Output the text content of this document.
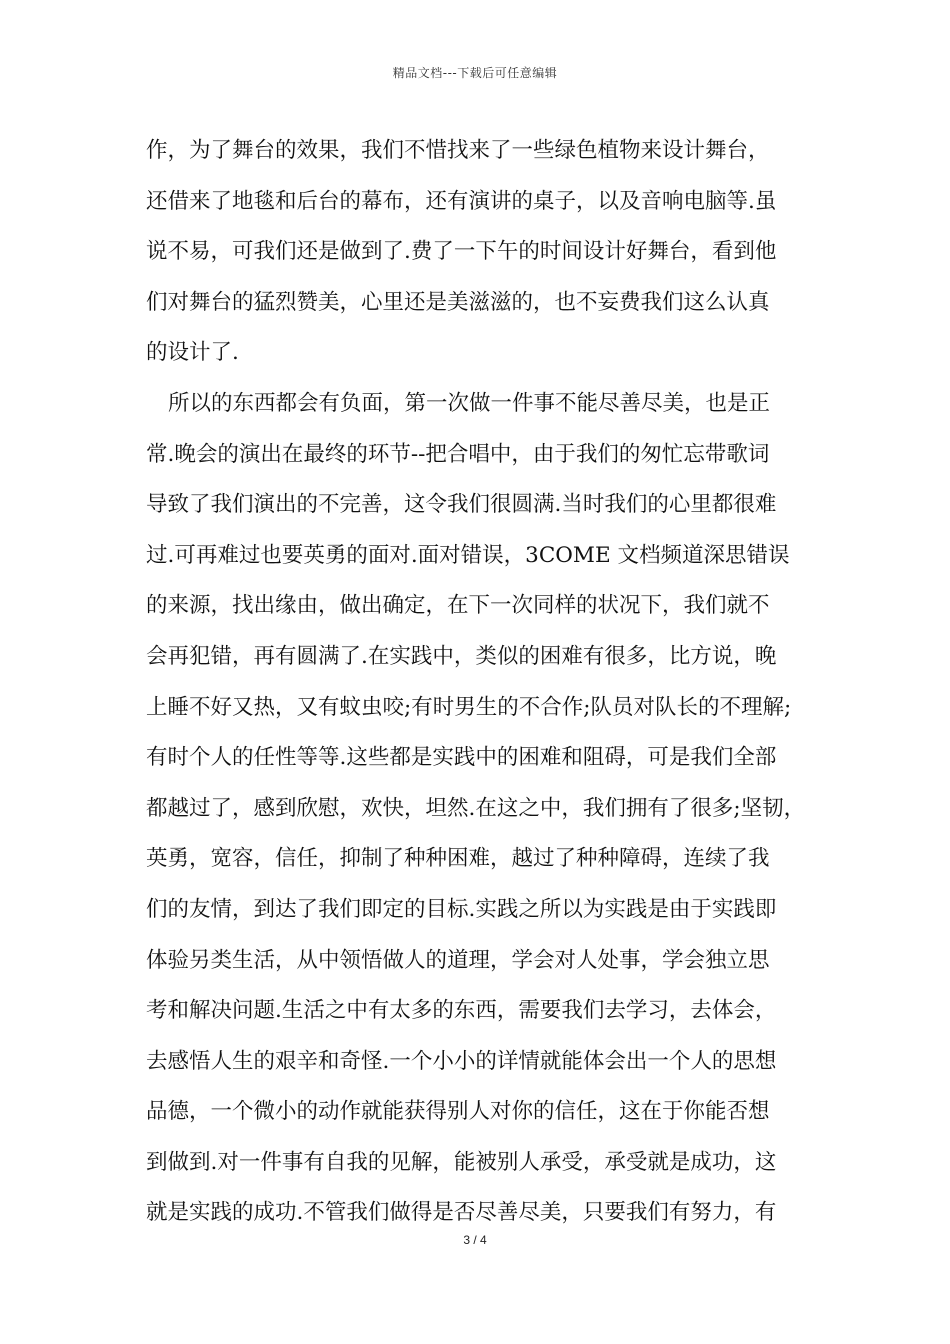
精品文档---下载后可任意编辑
作，为了舞台的效果，我们不惜找来了一些绿色植物来设计舞台，
还借来了地毯和后台的幕布，还有演讲的桌子，以及音响电脑等.虽
说不易，可我们还是做到了.费了一下午的时间设计好舞台，看到他
们对舞台的猛烈赞美，心里还是美滋滋的，也不妄费我们这么认真
的设计了.
所以的东西都会有负面，第一次做一件事不能尽善尽美，也是正
常.晚会的演出在最终的环节--把合唱中，由于我们的匆忙忘带歌词
导致了我们演出的不完善，这令我们很圆满.当时我们的心里都很难
过.可再难过也要英勇的面对.面对错误，3COME 文档频道深思错误
的来源，找出缘由，做出确定，在下一次同样的状况下，我们就不
会再犯错，再有圆满了.在实践中，类似的困难有很多，比方说，晚
上睡不好又热，又有蚊虫咬;有时男生的不合作;队员对队长的不理解;
有时个人的任性等等.这些都是实践中的困难和阻碍，可是我们全部
都越过了，感到欣慰，欢快，坦然.在这之中，我们拥有了很多;坚韧，
英勇，宽容，信任，抑制了种种困难，越过了种种障碍，连续了我
们的友情，到达了我们即定的目标.实践之所以为实践是由于实践即
体验另类生活，从中领悟做人的道理，学会对人处事，学会独立思
考和解决问题.生活之中有太多的东西，需要我们去学习，去体会，
去感悟人生的艰辛和奇怪.一个小小的详情就能体会出一个人的思想
品德，一个微小的动作就能获得别人对你的信任，这在于你能否想
到做到.对一件事有自我的见解，能被别人承受，承受就是成功，这
就是实践的成功.不管我们做得是否尽善尽美，只要我们有努力，有
3 / 4
